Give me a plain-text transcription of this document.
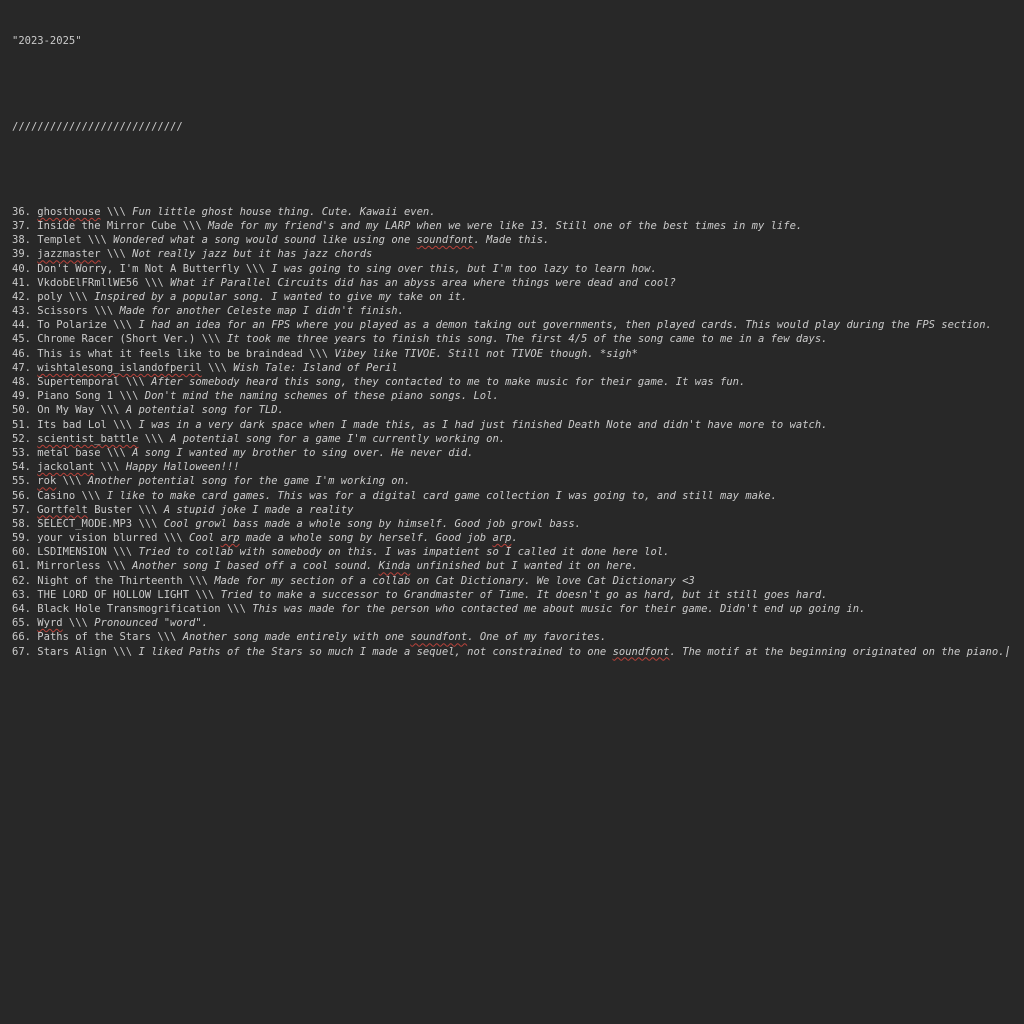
"2023-2025"

///////////////////////////

36. ghosthouse \\\ Fun little ghost house thing. Cute. Kawaii even.
37. Inside the Mirror Cube \\\ Made for my friend's and my LARP when we were like 13. Still one of the best times in my life.
38. Templet \\\ Wondered what a song would sound like using one soundfont. Made this.
39. jazzmaster \\\ Not really jazz but it has jazz chords
40. Don't Worry, I'm Not A Butterfly \\\ I was going to sing over this, but I'm too lazy to learn how.
41. VkdobElFRmllWE56 \\\ What if Parallel Circuits did has an abyss area where things were dead and cool?
42. poly \\\ Inspired by a popular song. I wanted to give my take on it.
43. Scissors \\\ Made for another Celeste map I didn't finish.
44. To Polarize \\\ I had an idea for an FPS where you played as a demon taking out governments, then played cards. This would play during the FPS section.
45. Chrome Racer (Short Ver.) \\\ It took me three years to finish this song. The first 4/5 of the song came to me in a few days.
46. This is what it feels like to be braindead \\\ Vibey like TIVOE. Still not TIVOE though. *sigh*
47. wishtalesong_islandofperil \\\ Wish Tale: Island of Peril
48. Supertemporal \\\ After somebody heard this song, they contacted to me to make music for their game. It was fun.
49. Piano Song 1 \\\ Don't mind the naming schemes of these piano songs. Lol.
50. On My Way \\\ A potential song for TLD.
51. Its bad Lol \\\ I was in a very dark space when I made this, as I had just finished Death Note and didn't have more to watch.
52. scientist_battle \\\ A potential song for a game I'm currently working on.
53. metal base \\\ A song I wanted my brother to sing over. He never did.
54. jackolant \\\ Happy Halloween!!!
55. rok \\\ Another potential song for the game I'm working on.
56. Casino \\\ I like to make card games. This was for a digital card game collection I was going to, and still may make.
57. Gortfelt Buster \\\ A stupid joke I made a reality
58. SELECT_MODE.MP3 \\\ Cool growl bass made a whole song by himself. Good job growl bass.
59. your vision blurred \\\ Cool arp made a whole song by herself. Good job arp.
60. LSDIMENSION \\\ Tried to collab with somebody on this. I was impatient so I called it done here lol.
61. Mirrorless \\\ Another song I based off a cool sound. Kinda unfinished but I wanted it on here.
62. Night of the Thirteenth \\\ Made for my section of a collab on Cat Dictionary. We love Cat Dictionary <3
63. THE LORD OF HOLLOW LIGHT \\\ Tried to make a successor to Grandmaster of Time. It doesn't go as hard, but it still goes hard.
64. Black Hole Transmogrification \\\ This was made for the person who contacted me about music for their game. Didn't end up going in.
65. Wyrd \\\ Pronounced "word".
66. Paths of the Stars \\\ Another song made entirely with one soundfont. One of my favorites.
67. Stars Align \\\ I liked Paths of the Stars so much I made a sequel, not constrained to one soundfont. The motif at the beginning originated on the piano.
